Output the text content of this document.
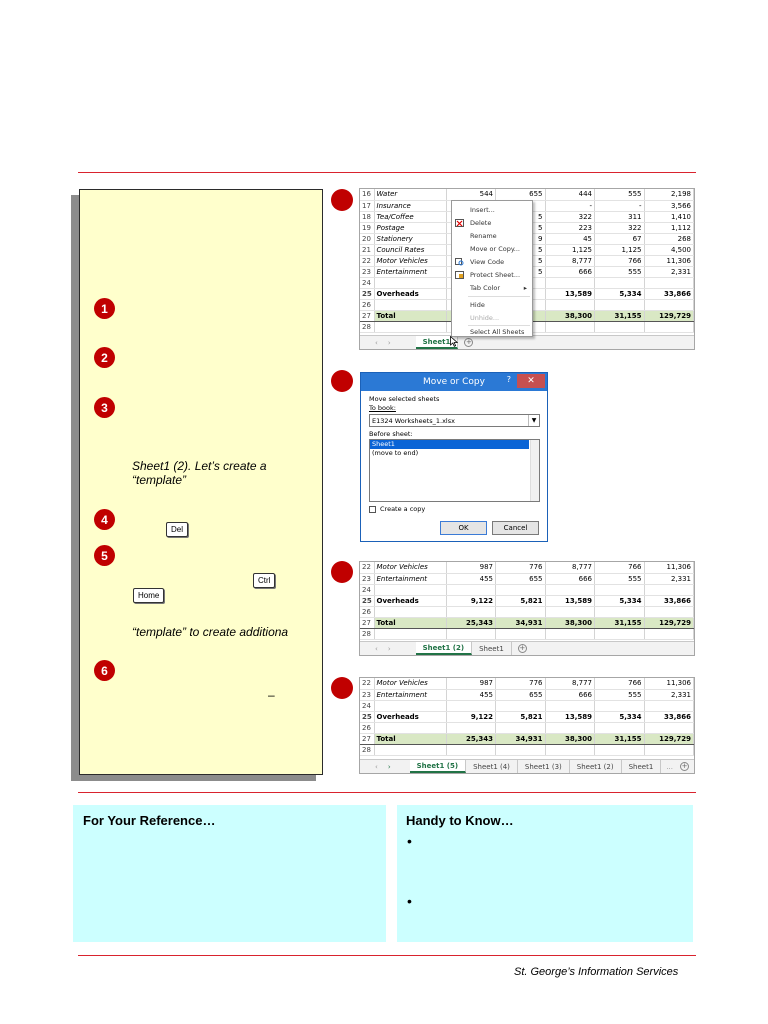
1
2
3
Sheet1 (2). Let’s create a
“template”
4
Del
5
Ctrl
Home
“template” to create additiona
6
–
16	Water	544	655	444	555	2,198
17	Insurance			-	-	3,566
18	Tea/Coffee		5	322	311	1,410
19	Postage		5	223	322	1,112
20	Stationery		9	45	67	268
21	Council Rates		5	1,125	1,125	4,500
22	Motor Vehicles		5	8,777	766	11,306
23	Entertainment		5	666	555	2,331
24						
25	Overheads			13,589	5,334	33,866
26						
27	Total			38,300	31,155	129,729
28						
‹	›	Sheet1	+
Insert...
Delete
Rename
Move or Copy...
View Code
Protect Sheet...
Tab Color	▸
Hide
Unhide...
Select All Sheets
Move or Copy	?	✕
Move selected sheets
To book:
E1324 Worksheets_1.xlsx	▼
Before sheet:
Sheet1
(move to end)
Create a copy
OK	Cancel
22	Motor Vehicles	987	776	8,777	766	11,306
23	Entertainment	455	655	666	555	2,331
24						
25	Overheads	9,122	5,821	13,589	5,334	33,866
26						
27	Total	25,343	34,931	38,300	31,155	129,729
28						
‹	›	Sheet1 (2)	Sheet1	+
22	Motor Vehicles	987	776	8,777	766	11,306
23	Entertainment	455	655	666	555	2,331
24						
25	Overheads	9,122	5,821	13,589	5,334	33,866
26						
27	Total	25,343	34,931	38,300	31,155	129,729
28						
‹	›	Sheet1 (5)	Sheet1 (4)	Sheet1 (3)	Sheet1 (2)	Sheet1	...	+
For Your Reference…	Handy to Know…
•
•
St. George’s Information Services
